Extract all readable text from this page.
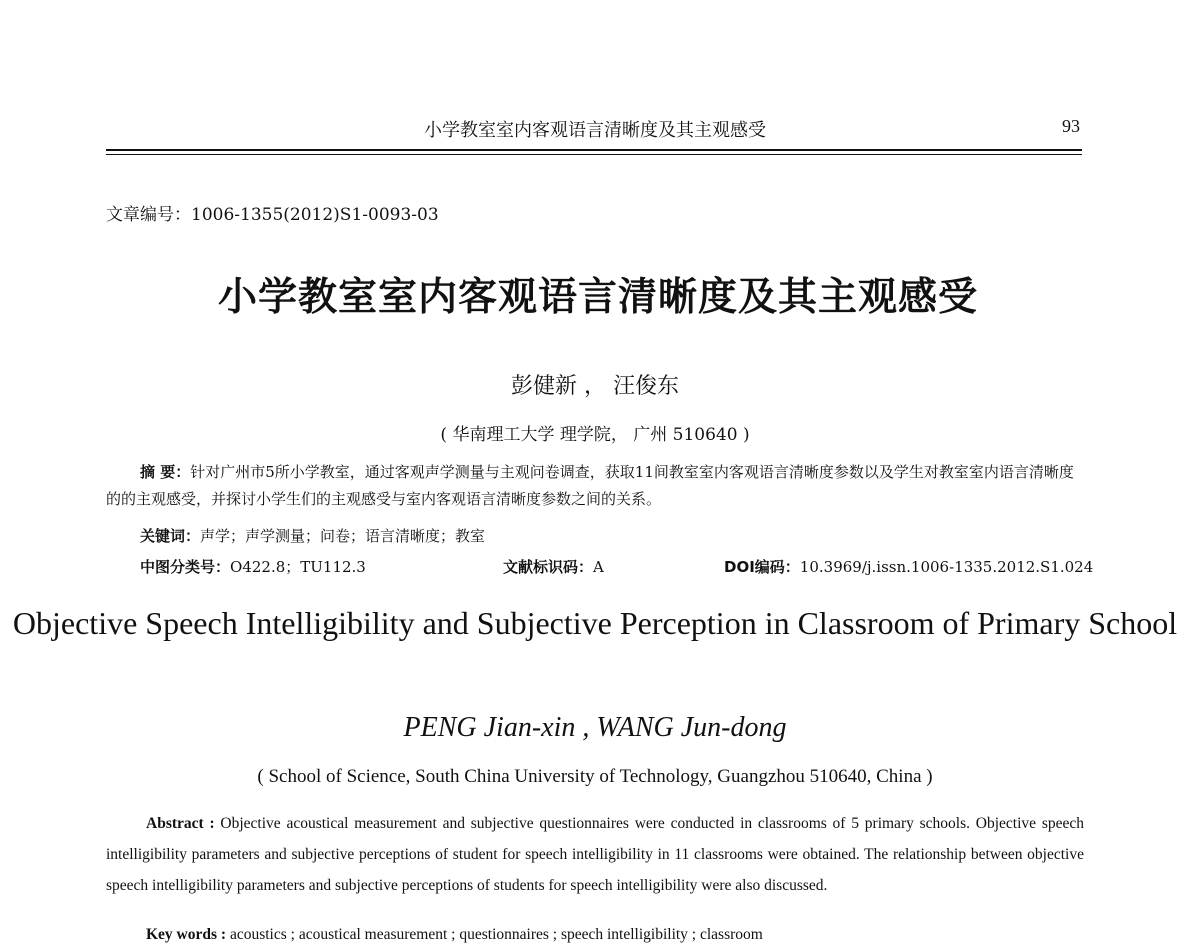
小学教室室内客观语言清晰度及其主观感受	93
文章编号：1006-1355(2012)S1-0093-03
小学教室室内客观语言清晰度及其主观感受
彭健新 ， 汪俊东
( 华南理工大学 理学院， 广州 510640 )
摘 要：针对广州市5所小学教室，通过客观声学测量与主观问卷调查，获取11间教室室内客观语言清晰度参数以及学生对教室室内语言清晰度的的主观感受，并探讨小学生们的主观感受与室内客观语言清晰度参数之间的关系。
关键词：声学；声学测量；问卷；语言清晰度；教室
中图分类号：O422.8；TU112.3	文献标识码：A	DOI编码：10.3969/j.issn.1006-1335.2012.S1.024
Objective Speech Intelligibility and Subjective Perception in Classroom of Primary School
PENG Jian-xin , WANG Jun-dong
( School of Science, South China University of Technology, Guangzhou 510640, China )
Abstract : Objective acoustical measurement and subjective questionnaires were conducted in classrooms of 5 primary schools. Objective speech intelligibility parameters and subjective perceptions of student for speech intelligibility in 11 classrooms were obtained. The relationship between objective speech intelligibility parameters and subjective perceptions of students for speech intelligibility were also discussed.
Key words : acoustics ; acoustical measurement ; questionnaires ; speech intelligibility ; classroom
